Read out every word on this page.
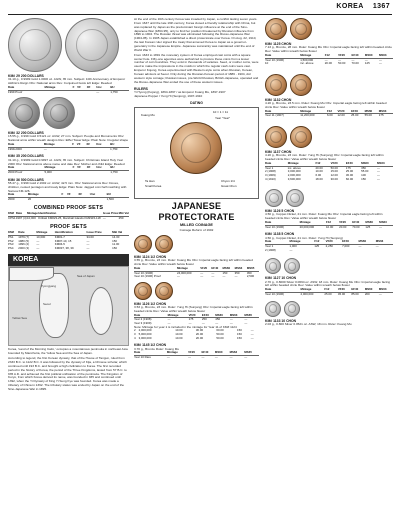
KOREA 1367
KM# 29 200 DOLLARS
31.10 g., 0.9999 Gold 1.0000 oz. AGW, 35 mm. Subject: 10th Anniversary of Emperor Akihito's Reign Obv: National arms Rev: Conjoined busts left Edge: Reeded
Date	Mintage	F	VF	XF	Unc	BU
1999 Proof					—	1,750
KM# 32 200 DOLLARS
15.55 g., 0.999 Gold 0.5121 oz. AGW, 27 mm. Subject: People and Monuments Obv: National arms within wreath designs Rev: Eiffel Tower Edge: Plain Note: Irregular shape
Date	Mintage	F	VF	XF	Unc	BU
1999-2000	—					1,750
KM# 35 200 DOLLARS
31.10 g., 0.9999 Gold 0.9997 oz. AGW, 35 mm. Subject: Christmas Island Holy Year 2000 Obv: National arms above name and date Rev: Mother and child Edge: Reeded
Date	Mintage	F	VF	XF	Unc	BU
2000 Proof	5,000					1,750
KM# 36 500 DOLLARS
55.47 g., 0.999 Gold 2.1602 oz. AGW, 42.5 mm. Obv: National arms Rev: Doves, children, nested pentagon and treaty Edge: Plain Note: Jagged coin half matching with Samoa KM-126.
Date	Mintage	F	VF	XF	Unc	BU
2000	20					1,500
COMBINED PROOF SETS
KM#	Date	Mintage	Identification	Issue Price	Mkt Val
CPS1	1997 (4)	10,000	Kiribati KM#23-25, Marshall Islands KM#115-118	—	250
PROOF SETS
KM#	Date	Mintage	Identification	Issue Price	Mkt Val
PS1	1979 (7)	10,000	KM#1-7	34.00	14.00
PS2	1980 (5)	—	KM#7-10, 15	—	150
PS3	1996 (2)	—	KM#4-5	—	11.00
PS4	2000 (3)	—	KM#37, 38, 39	—	150
KOREA
Sea of Japan
Yellow Sea
Seoul
Pyongyang
Korea, 'Land of the Morning Calm,' occupies a mountainous peninsula in northeast Asia bounded by Manchuria, the Yellow Sea and the Sea of Japan.
According to legend, the first Korean dynasty, that of the House of Tangun, ruled from 2333 B.C. to 1122 B.C. It was followed by the dynasty of Kija, a Chinese scholar, which continued until 193 B.C. and brought a high civilization to Korea. The first recorded period in the history of Korea, the period of the Three Kingdoms, lasted from 57 B.C. to 935 A.D. and achieved the first political unification of the peninsula. The Kingdom of Koryo, from which Korea derived its name, was founded in 935 and continued until 1392, when the Yi Dynasty of King Yi Sung Kye was founded. Korea was made a tributary of China in 1392. The tributary status was ended by Japan on the end of the Sino-Japanese War in 1895.
At the end of the 16th century Korea was invaded by Japan, a conflict lasting seven years. From 1637 until the late 19th century, Korea closed a friendly relationship with China, but was replaced by Japan as the predominant foreign influence at the end of the Sino-Japanese War (1894-95), only to find her position threatened by Russian influence from 1896 to 1904. The Russian threat was eliminated following the Russo-Japanese War (1904-05). In 1905 Japan established a direct protectorate over Korea. On Aug. 22, 1910, the last Korean ruler signed the treaty that annexed Korea to Japan as a governor-generalcy in the Japanese Empire. Japanese suzerainty was maintained until the end of World War II.
From 1633 to 1891 the monetary system of Korea employed cast coins with a square center hole. Fifty-one agencies were authorized to procure these coins from a lesser number of coin foundries. They exist in thousands of varieties. Seed, or mother coins, were used to make the impressions in the molds in which the regular cash coins were cast. Emperor Kojong, Korea experimented with Western-style coins when Russian, Korean, Korean advisors at Seoul. Only during the Russian-Korean period of 1886 - 1904, did western style coinage; Russian issues, pre-World Russian, British-Japanese, operated and the Russo-Japanese War ended the use of these western issues.
RULERS
Yi Hyong (Kojong), 1864-1897 / as Emperor Kuang Mu, 1897-1907
Japanese Puppet / Yung Hi (Sunjong), 1907-1910
DATING
Kuang Mu
10 = 1 = 11
Year "Year"
Ta Han
Small Korea
Chyon 1/4
Great Chon
JAPANESE PROTECTORATE
MILLED COINAGE
Coinage Reform of 1902
KM# 1124 1/2 CHON
3.55 g., Bronze, 23 mm. Ruler: Kuang Mu Obv: Imperial eagle facing left within beaded circle Rev: Value within wreath below flower
Date	Mintage	VF20	EF40	MS60	MS63	MS65
Year 10 (1906)	24,000,000	—	—	150	350	450
Year 10 (1906) Proof	—	—	—	—	—	2,500
KM# 1126 1/2 CHON
3.53 g., Bronze, 23 mm. Ruler: Yung Hi (Sunjong) Obv: Imperial eagle facing left within beaded circle Rev: Value within wreath below flower
Date	Mintage	VF20	EF40	MS60	MS63	MS65
Year 2 (1908)	—	175	250	450	—	—
Year 3 (1909)	—	—	—	—	—	—
Note: Mintage for year 1 is included in the mintage for Year 11 of KM# 1124
2	2,000,000	10.00	30.00	60.00	150	—
3	5,000,000	10.00	20.00	50.00	150	—
4	3,000,000	10.00	20.00	50.00	150	—
KM# 1145 1/2 CHON
3.70 g., Bronze Ruler: Kuang Mu
Date	Mintage	VF20	EF40	MS60	MS63	MS65
Year 10 Rare	—	—	—	—	—	—
KM# 1125 CHON
7.13 g., Bronze, 28 mm. Ruler: Kuang Mu Obv: Imperial eagle facing left within beaded circle Rev: Value within wreath below flower
Date	Mintage	F12	VF20	EF40	MS60	MS63
Year 10 (1906)	1,500,000	—	—	—	—	—
10	inc. above	20.00	50.00	70.00	125	—
KM# 1132 CHON
4.20 g., Bronze, 23.5 mm. Ruler: Kuang Mu Obv: Imperial eagle facing left within beaded circle Rev: Value within wreath below flower
Date	Mintage	F12	VF20	EF40	MS60	MS63
Year 11 (1907)	11,200,000	6.00	12.00	25.00	55.00	175
KM# 1137 CHON
4.20 g., Bronze, 23 mm. Ruler: Yung Hi (Sunjong) Obv: Imperial eagle facing left within beaded circle Rev: Value within wreath below flower
Date	Mintage	F12	VF20	EF40	MS60	MS63
Year 1	inc. above	20.00	50.00	175	350	—
2 (1908)	3,000,000	10.00	15.00	25.00	55.00	—
3 (1909)	2,000,000	6.00	12.00	30.00	100	—
4 (1910)	3,600,000	18.00	30.00	60.00	150	—
KM# 1126 5 CHON
4.50 g., Copper-Nickel, 21 mm. Ruler: Kuang Mu Obv: Imperial eagle facing left within beaded circle Rev: Value within wreath below flower
Date	Mintage	F12	VF20	EF40	MS60	MS63
Year 10 (1906)	20,000,000	10.00	20.00	70.00	125	—
KM# 1138 5 CHON
4.50 g., Copper-Nickel, 21 mm. Ruler: Yung Hi (Sunjong)
Date	Mintage	F12	VF20	EF40	MS60	MS63
Year 1	1,000	125	2,250	7,000	—	—
2 (1908)	—					
KM# 1127 10 CHON
2.70 g., 0.8000 Silver 0.0694 oz. ASW, 18 mm. Ruler: Kuang Mu Obv: Imperial eagle facing left within beaded circle Rev: Value within wreath below flower
Date	Mintage	F12	VF20	EF40	MS60	MS63
Year 10 (1906)	2,000,000	25.00	45.00	85.00	200	—
KM# 1133 10 CHON
2.03 g., 0.800 Silver 0.0521 oz. ASW, 18 mm. Ruler: Kuang Mu
